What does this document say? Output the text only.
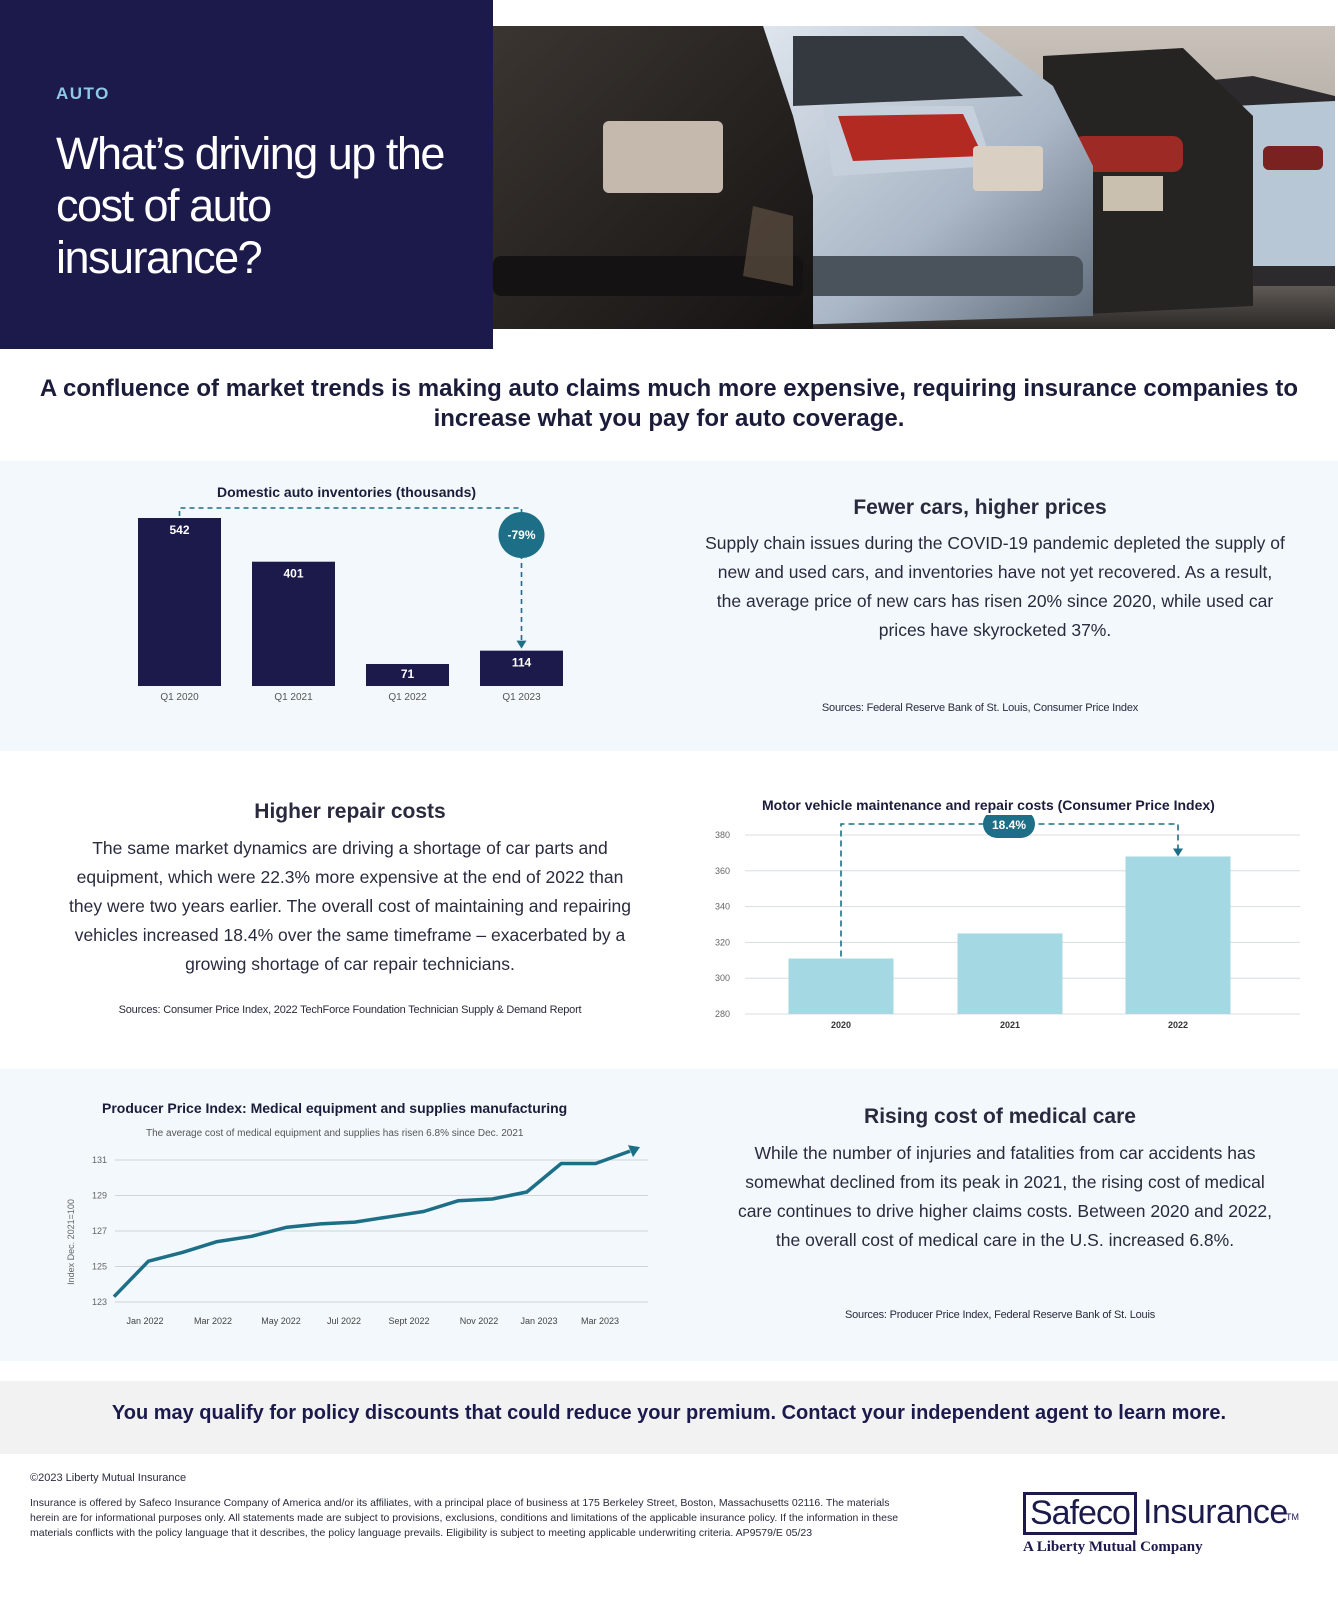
AUTO
What’s driving up the cost of auto insurance?
A confluence of market trends is making auto claims much more expensive, requiring insurance companies to increase what you pay for auto coverage.
Domestic auto inventories (thousands)
542
Q1 2020
401
Q1 2021
71
Q1 2022
114
Q1 2023
-79%
Fewer cars, higher prices
Supply chain issues during the COVID-19 pandemic depleted the supply of new and used cars, and inventories have not yet recovered. As a result, the average price of new cars has risen 20% since 2020, while used car prices have skyrocketed 37%.
Sources: Federal Reserve Bank of St. Louis, Consumer Price Index
Higher repair costs
The same market dynamics are driving a shortage of car parts and equipment, which were 22.3% more expensive at the end of 2022 than they were two years earlier. The overall cost of maintaining and repairing vehicles increased 18.4% over the same timeframe – exacerbated by a growing shortage of car repair technicians.
Sources: Consumer Price Index, 2022 TechForce Foundation Technician Supply & Demand Report
Motor vehicle maintenance and repair costs (Consumer Price Index)
280
300
320
340
360
380
2020	2021	2022
18.4%
Producer Price Index: Medical equipment and supplies manufacturing
The average cost of medical equipment and supplies has risen 6.8% since Dec. 2021
123
125
127
129
131
Index Dec. 2021=100
Jan 2022	Mar 2022	May 2022	Jul 2022	Sept 2022	Nov 2022 Jan 2023	Mar 2023
Rising cost of medical care
While the number of injuries and fatalities from car accidents has somewhat declined from its peak in 2021, the rising cost of medical care continues to drive higher claims costs. Between 2020 and 2022, the overall cost of medical care in the U.S. increased 6.8%.
Sources: Producer Price Index, Federal Reserve Bank of St. Louis
You may qualify for policy discounts that could reduce your premium. Contact your independent agent to learn more.
©2023 Liberty Mutual Insurance
Insurance is offered by Safeco Insurance Company of America and/or its affiliates, with a principal place of business at 175 Berkeley Street, Boston, Massachusetts 02116. The materials herein are for informational purposes only. All statements made are subject to provisions, exclusions, conditions and limitations of the applicable insurance policy. If the information in these materials conflicts with the policy language that it describes, the policy language prevails. Eligibility is subject to meeting applicable underwriting criteria. AP9579/E 05/23
Safeco Insurance
TM
A Liberty Mutual Company
